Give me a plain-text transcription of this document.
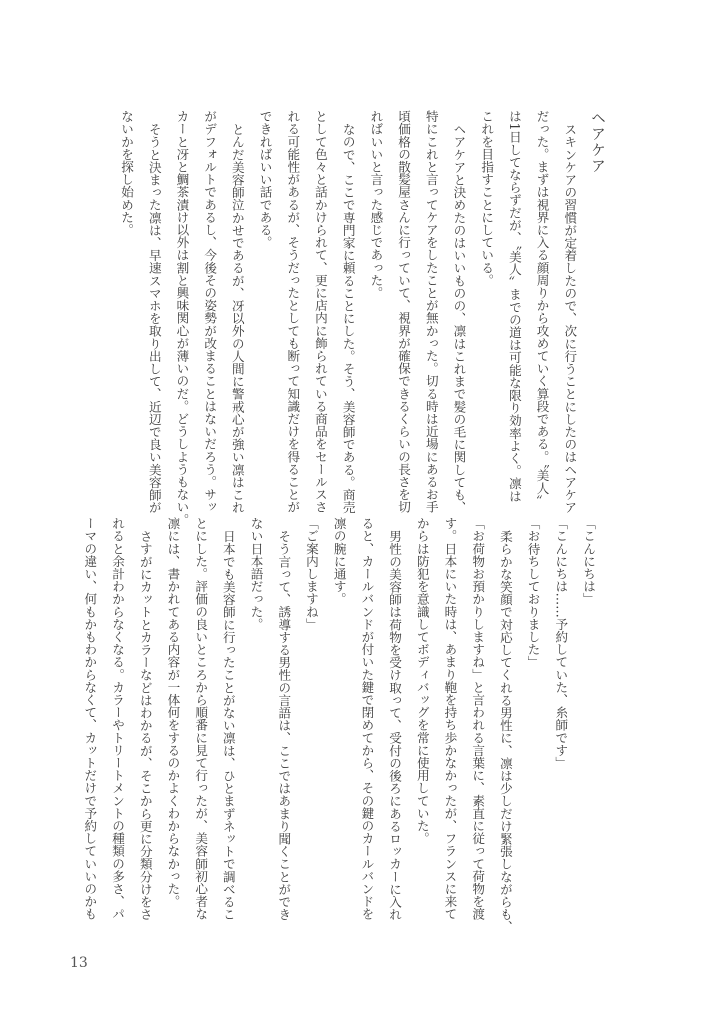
ヘアケア
スキンケアの習慣が定着したので、次に行うことにしたのはヘアケア
だった。まずは視界に入る顔周りから攻めていく算段である。〝美人〟
は1日してならずだが、〝美人〟までの道は可能な限り効率よく。凛は
これを目指すことにしている。
ヘアケアと決めたのはいいものの、凛はこれまで髪の毛に関しても、
特にこれと言ってケアをしたことが無かった。切る時は近場にあるお手
頃価格の散髪屋さんに行っていて、視界が確保できるくらいの長さを切
ればいいと言った感じであった。
なので、ここで専門家に頼ることにした。そう、美容師である。商売
として色々と話かけられて、更に店内に飾られている商品をセールスさ
れる可能性があるが、そうだったとしても断って知識だけを得ることが
できればいい話である。
とんだ美容師泣かせであるが、冴以外の人間に警戒心が強い凛はこれ
がデフォルトであるし、今後その姿勢が改まることはないだろう。サッ
カーと冴と鯛茶漬け以外は割と興味関心が薄いのだ。どうしようもない。
そうと決まった凛は、早速スマホを取り出して、近辺で良い美容師が
ないかを探し始めた。
「こんにちは」
「こんにちは……予約していた、糸師です」
「お待ちしておりました」
柔らかな笑顔で対応してくれる男性に、凛は少しだけ緊張しながらも、
「お荷物お預かりしますね」と言われる言葉に、素直に従って荷物を渡
す。日本にいた時は、あまり鞄を持ち歩かなかったが、フランスに来て
からは防犯を意識してボディバッグを常に使用していた。
男性の美容師は荷物を受け取って、受付の後ろにあるロッカーに入れ
ると、カールバンドが付いた鍵で閉めてから、その鍵のカールバンドを
凛の腕に通す。
「ご案内しますね」
そう言って、誘導する男性の言語は、ここではあまり聞くことができ
ない日本語だった。
日本でも美容師に行ったことがない凛は、ひとまずネットで調べるこ
とにした。評価の良いところから順番に見て行ったが、美容師初心者な
凛には、書かれてある内容が一体何をするのかよくわからなかった。
さすがにカットとカラーなどはわかるが、そこから更に分類分けをさ
れると余計わからなくなる。カラーやトリートメントの種類の多さ、パ
ーマの違い、何もかもわからなくて、カットだけで予約していいのかも
13
